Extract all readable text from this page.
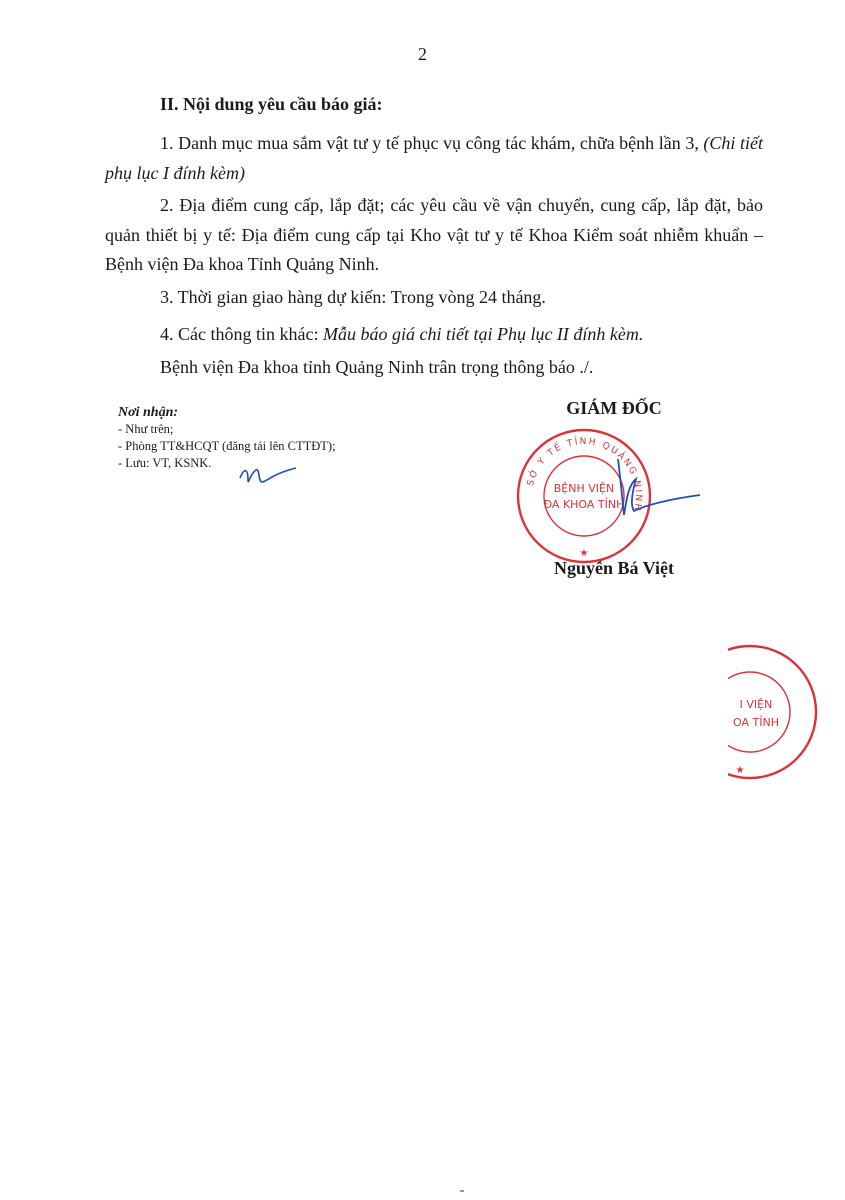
2
II. Nội dung yêu cầu báo giá:
1. Danh mục mua sắm vật tư y tế phục vụ công tác khám, chữa bệnh lần 3, (Chi tiết phụ lục I đính kèm)
2. Địa điểm cung cấp, lắp đặt; các yêu cầu về vận chuyển, cung cấp, lắp đặt, bảo quản thiết bị y tế: Địa điểm cung cấp tại Kho vật tư y tế Khoa Kiểm soát nhiễm khuẩn – Bệnh viện Đa khoa Tỉnh Quảng Ninh.
3. Thời gian giao hàng dự kiến: Trong vòng 24 tháng.
4. Các thông tin khác: Mẫu báo giá chi tiết tại Phụ lục II đính kèm.
Bệnh viện Đa khoa tỉnh Quảng Ninh trân trọng thông báo ./.
Nơi nhận:
- Như trên;
- Phòng TT&HCQT (đăng tải lên CTTĐT);
- Lưu: VT, KSNK.
GIÁM ĐỐC
Nguyễn Bá Việt
SỞ Y TẾ TỈNH QUẢNG NINH
BỆNH VIỆN
ĐA KHOA TỈNH
★
I VIỆN
OA TỈNH
★
